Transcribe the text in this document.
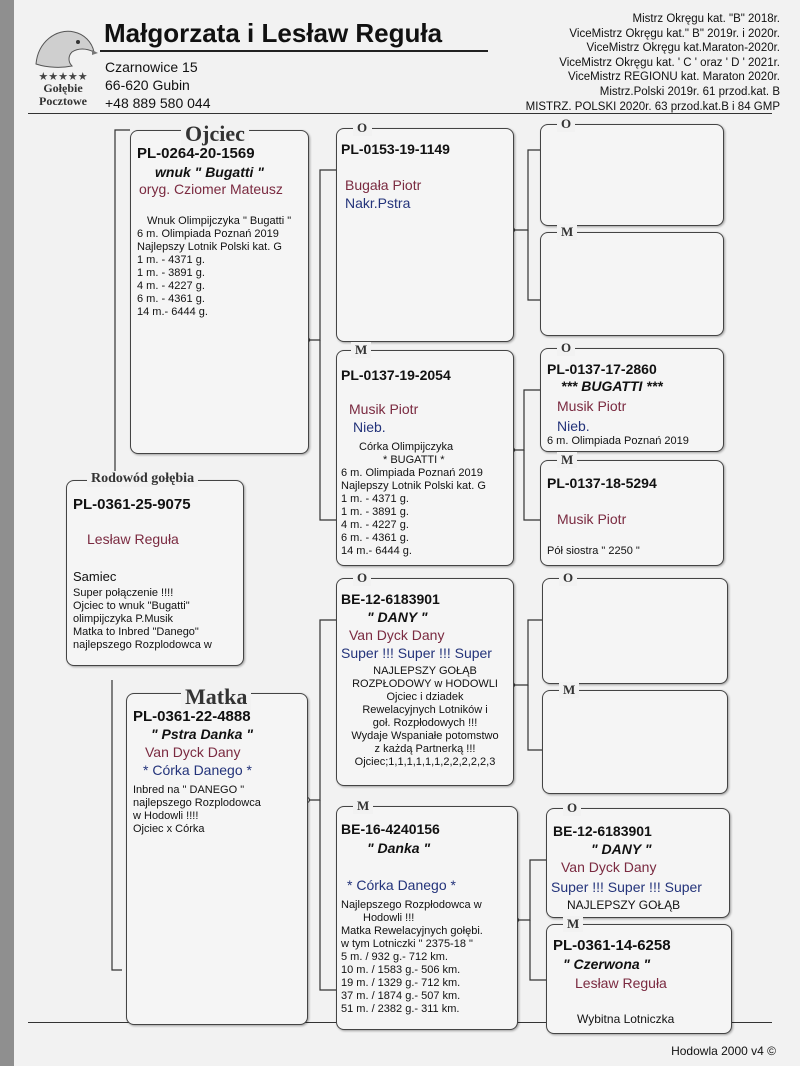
★★★★★
Gołębie
Pocztowe
Małgorzata i Lesław Reguła
Czarnowice 15
66-620 Gubin
+48 889 580 044
Mistrz Okręgu kat. "B" 2018r.
ViceMistrz Okręgu kat." B" 2019r. i 2020r.
ViceMistrz Okręgu kat.Maraton-2020r.
ViceMistrz Okręgu kat. ' C ' oraz ' D ' 2021r.
ViceMistrz REGIONU kat. Maraton 2020r.
Mistrz.Polski 2019r. 61 przod.kat. B
MISTRZ. POLSKI 2020r. 63 przod.kat.B i 84 GMP
Ojciec
PL-0264-20-1569
wnuk " Bugatti "
oryg. Cziomer Mateusz
Wnuk Olimpijczyka " Bugatti "
6 m. Olimpiada Poznań 2019
Najlepszy Lotnik Polski kat. G
1 m. - 4371 g.
1 m. - 3891 g.
4 m. - 4227 g.
6 m. - 4361 g.
14 m.- 6444 g.
Rodowód gołębia
PL-0361-25-9075
Lesław Reguła
Samiec
Super połączenie !!!!
Ojciec to wnuk "Bugatti"
olimpijczyka P.Musik
Matka to Inbred "Danego"
najlepszego Rozplodowca w
Matka
PL-0361-22-4888
" Pstra Danka "
Van Dyck Dany
* Córka Danego *
Inbred na " DANEGO "
najlepszego Rozplodowca
w Hodowli !!!!
Ojciec x Córka
O
PL-0153-19-1149
Bugała Piotr
Nakr.Pstra
M
PL-0137-19-2054
Musik Piotr
Nieb.
Córka Olimpijczyka
* BUGATTI *
6 m. Olimpiada Poznań 2019
Najlepszy Lotnik Polski kat. G
1 m. - 4371 g.
1 m. - 3891 g.
4 m. - 4227 g.
6 m. - 4361 g.
14 m.- 6444 g.
O
BE-12-6183901
" DANY "
Van Dyck Dany
Super !!! Super !!! Super
NAJLEPSZY GOŁĄB
ROZPŁODOWY w HODOWLI
Ojciec i dziadek
Rewelacyjnych Lotników i
goł. Rozpłodowych !!!
Wydaje Wspaniałe potomstwo
z każdą Partnerką !!!
Ojciec;1,1,1,1,1,1,2,2,2,2,2,3
M
BE-16-4240156
" Danka "
* Córka Danego *
Najlepszego Rozpłodowca w
Hodowli !!!
Matka Rewelacyjnych gołębi.
w tym Lotniczki " 2375-18 "
5 m. / 932 g.- 712 km.
10 m. / 1583 g.- 506 km.
19 m. / 1329 g.- 712 km.
37 m. / 1874 g.- 507 km.
51 m. / 2382 g.- 311 km.
O
M
O
PL-0137-17-2860
*** BUGATTI ***
Musik Piotr
Nieb.
6 m. Olimpiada Poznań 2019
M
PL-0137-18-5294
Musik Piotr
Pół siostra " 2250 "
O
M
O
BE-12-6183901
" DANY "
Van Dyck Dany
Super !!! Super !!! Super
NAJLEPSZY GOŁĄB
M
PL-0361-14-6258
" Czerwona "
Lesław Reguła
Wybitna Lotniczka
Hodowla 2000 v4 ©
